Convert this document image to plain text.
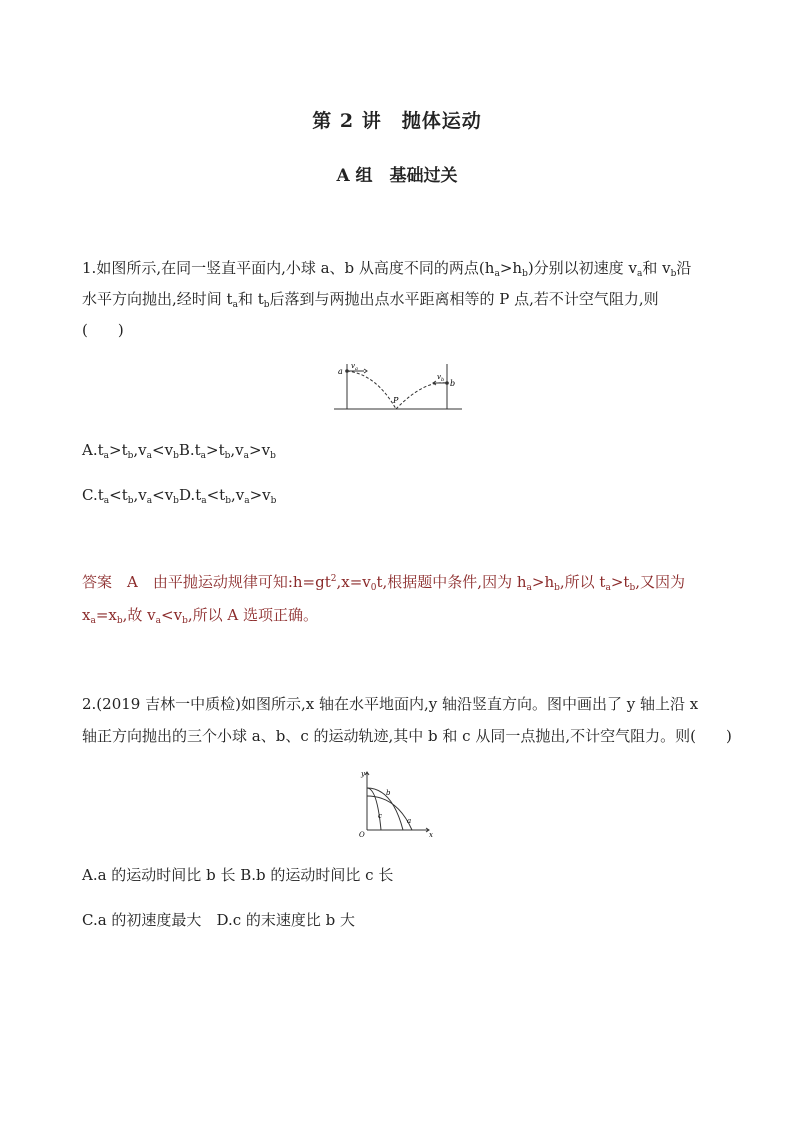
第 2 讲　抛体运动
A 组　基础过关
1.如图所示,在同一竖直平面内,小球 a、b 从高度不同的两点$(h_a>h_b)$分别以初速度 $v_a$和 $v_b$沿
水平方向抛出,经时间 $t_a$和 $t_b$后落到与两抛出点水平距离相等的 P 点,若不计空气阻力,则
(　　)
a
b
P
$v_a$
$v_b$
$A.t_a>t_b,v_a<v_bB.t_a>t_b,v_a>v_b$
$C.t_a<t_b,v_a<v_bD.t_a<t_b,v_a>v_b$
答案　A　由平抛运动规律可知$:h=gt^2,x=v_0t$,根据题中条件,因为 $h_a>h_b$,所以 $t_a>t_b$,又因为
$x_a=x_b$,故 $v_a<v_b$,所以 A 选项正确。
2.(2019 吉林一中质检)如图所示,x 轴在水平地面内,y 轴沿竖直方向。图中画出了 y 轴上沿 x
轴正方向抛出的三个小球 a、b、c 的运动轨迹,其中 b 和 c 从同一点抛出,不计空气阻力。则(　　)
y
x
O
b
c
a
A.a 的运动时间比 b 长 B.b 的运动时间比 c 长
C.a 的初速度最大　 D.c 的末速度比 b 大
